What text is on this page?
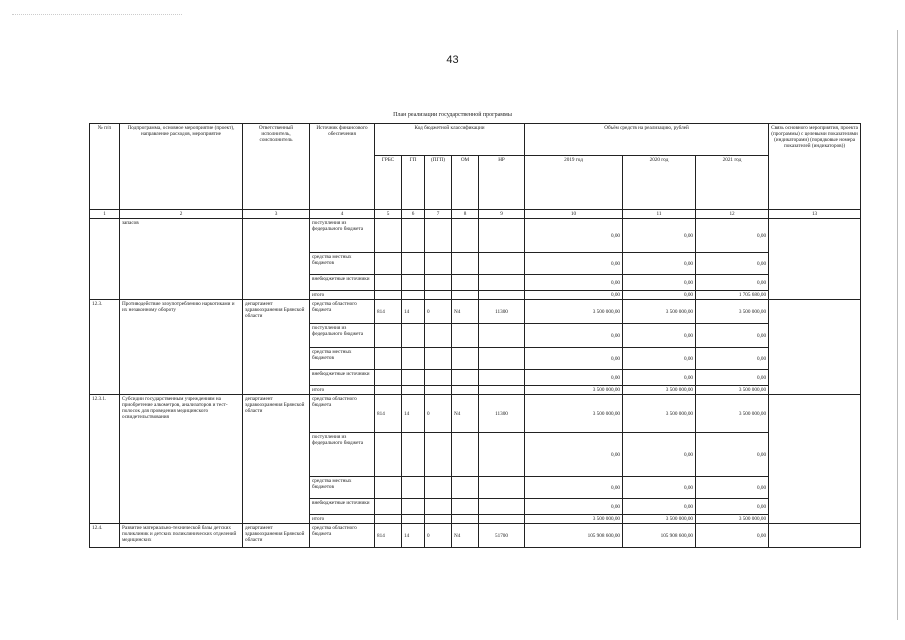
43
План реализации государственной программы
№ п/п	Подпрограмма, основное мероприятие (проект), направление расходов, мероприятие	Ответственный исполнитель, соисполнитель	Источник финансового обеспечения	Код бюджетной классификации					Объём средств на реализацию, рублей			Связь основного мероприятия, проекта (программы) с целевыми показателями (индикаторами) (порядковые номера показателей (индикаторов))
				ГРБС	ГП	(ПГП)	ОМ	НР	2019 год	2020 год	2021 год	
1	2	3	4	5	6	7	8	9	10	11	12	13
	запасов		поступления из федерального бюджета						0,00	0,00	0,00	
			средства местных бюджетов						0,00	0,00	0,00	
			внебюджетные источники						0,00	0,00	0,00	
			итого						0,00	0,00	1 705 680,00	
12.3.	Противодействие злоупотреблению наркотиками и их незаконному обороту	департамент здравоохранения Брянской области	средства областного бюджета	814	14	0	N4	11300	3 500 000,00	3 500 000,00	3 500 000,00	
			поступления из федерального бюджета						0,00	0,00	0,00	
			средства местных бюджетов						0,00	0,00	0,00	
			внебюджетные источники						0,00	0,00	0,00	
			итого						3 500 000,00	3 500 000,00	3 500 000,00	
12.3.1.	Субсидии государственным учреждениям на приобретение алкометров, анализаторов и тест-полосок для проведения медицинского освидетельствования	департамент здравоохранения Брянской области	средства областного бюджета	814	14	0	N4	11300	3 500 000,00	3 500 000,00	3 500 000,00	
			поступления из федерального бюджета						0,00	0,00	0,00	
			средства местных бюджетов						0,00	0,00	0,00	
			внебюджетные источники						0,00	0,00	0,00	
			итого						3 500 000,00	3 500 000,00	3 500 000,00	
12.4.	Развитие материально-технической базы детских поликлиник и детских поликлинических отделений медицинских	департамент здравоохранения Брянской области	средства областного бюджета	814	14	0	N4	51700	105 908 600,00	105 908 600,00	0,00	
